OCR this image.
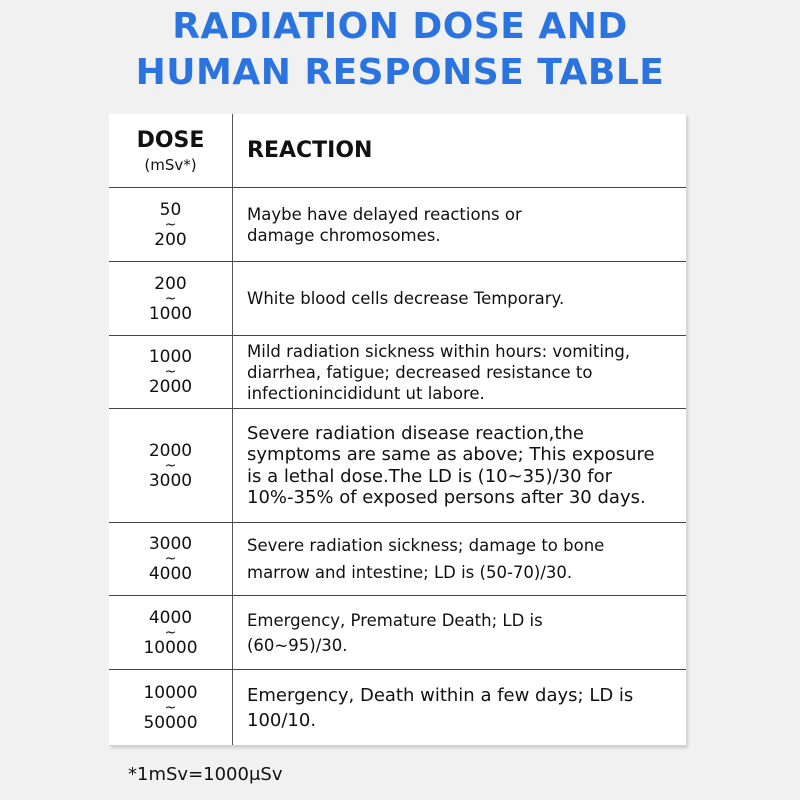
RADIATION DOSE AND
HUMAN RESPONSE TABLE
DOSE
(mSv*)
REACTION
50
~
200
Maybe have delayed reactions or damage chromosomes.
200
~
1000
White blood cells decrease Temporary.
1000
~
2000
Mild radiation sickness within hours: vomiting, diarrhea, fatigue; decreased resistance to infectionincididunt ut labore.
2000
~
3000
Severe radiation disease reaction,the symptoms are same as above; This exposure is a lethal dose.The LD is (10~35)/30 for 10%-35% of exposed persons after 30 days.
3000
~
4000
Severe radiation sickness; damage to bone marrow and intestine; LD is (50-70)/30.
4000
~
10000
Emergency, Premature Death; LD is (60~95)/30.
10000
~
50000
Emergency, Death within a few days; LD is 100/10.
*1mSv=1000μSv
